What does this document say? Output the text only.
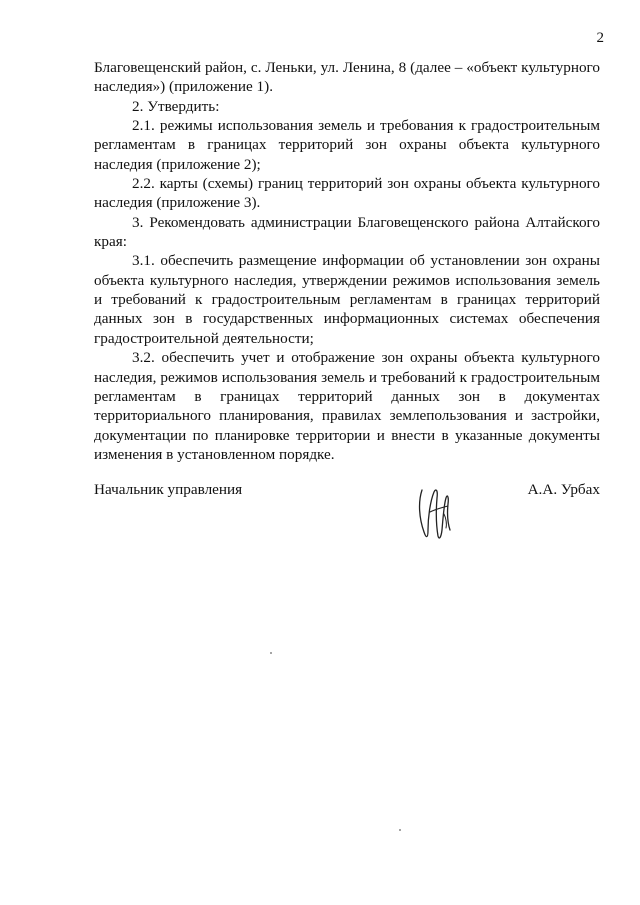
2

Благовещенский район, с. Леньки, ул. Ленина, 8 (далее – «объект культурного наследия») (приложение 1).

2. Утвердить:

2.1. режимы использования земель и требования к градостроительным регламентам в границах территорий зон охраны объекта культурного наследия (приложение 2);

2.2. карты (схемы) границ территорий зон охраны объекта культурного наследия (приложение 3).

3. Рекомендовать администрации Благовещенского района Алтайского края:

3.1. обеспечить размещение информации об установлении зон охраны объекта культурного наследия, утверждении режимов использования земель и требований к градостроительным регламентам в границах территорий данных зон в государственных информационных системах обеспечения градостроительной деятельности;

3.2. обеспечить учет и отображение зон охраны объекта культурного наследия, режимов использования земель и требований к градостроительным регламентам в границах территорий данных зон в документах территориального планирования, правилах землепользования и застройки, документации по планировке территории и внести в указанные документы изменения в установленном порядке.

Начальник управления	А.А. Урбах
